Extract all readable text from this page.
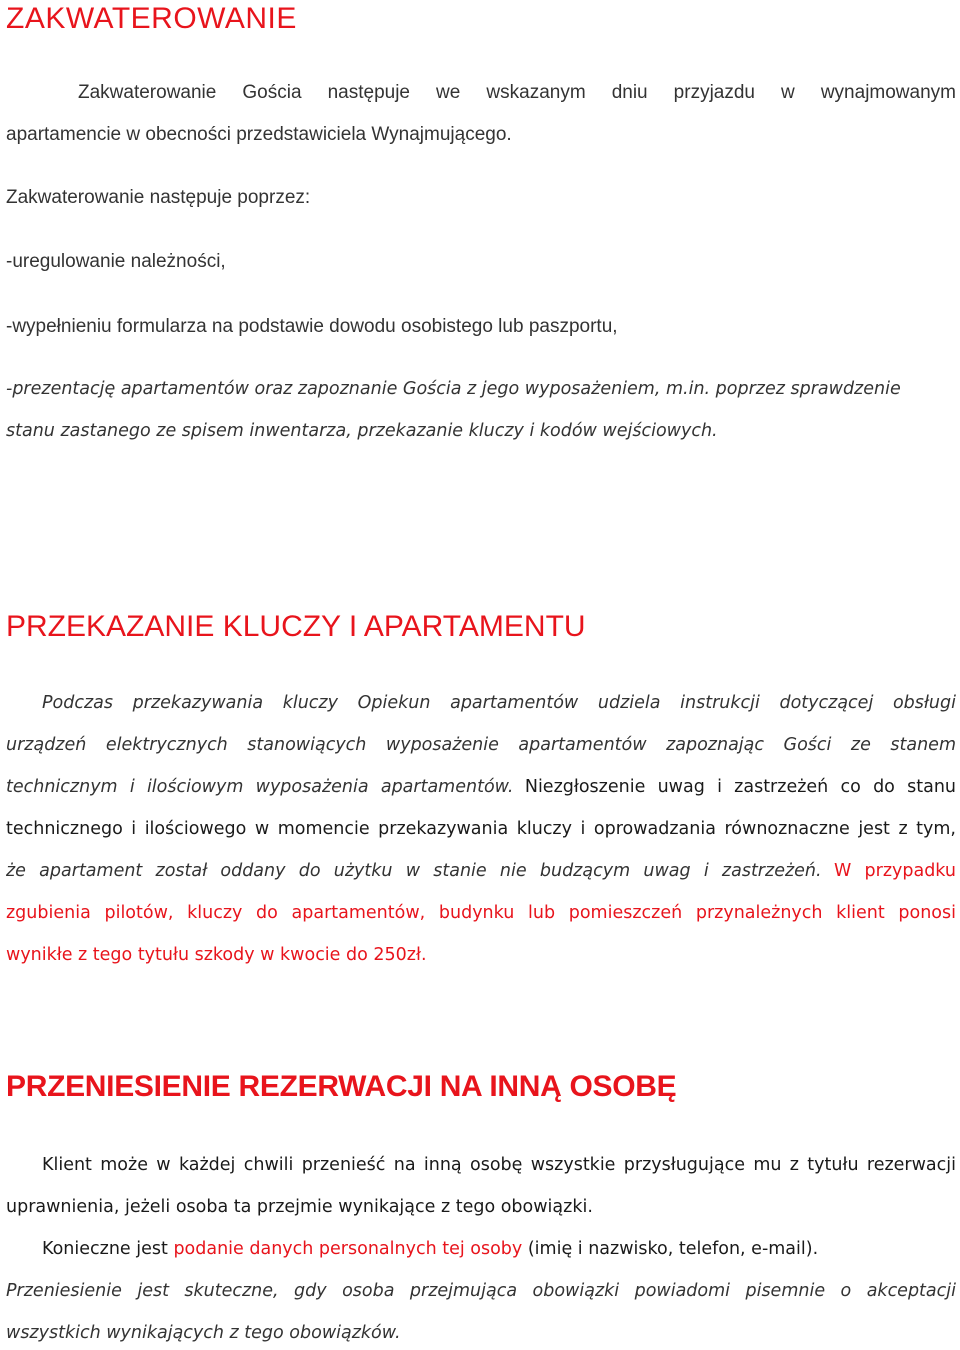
ZAKWATEROWANIE

Zakwaterowanie Gościa następuje we wskazanym dniu przyjazdu w wynajmowanym

apartamencie w obecności przedstawiciela Wynajmującego.

Zakwaterowanie następuje poprzez:

-uregulowanie należności,

-wypełnieniu formularza na podstawie dowodu osobistego lub paszportu,

-prezentację apartamentów oraz zapoznanie Gościa z jego wyposażeniem, m.in. poprzez sprawdzenie

stanu zastanego ze spisem inwentarza, przekazanie kluczy i kodów wejściowych.

PRZEKAZANIE KLUCZY I APARTAMENTU

Podczas przekazywania kluczy Opiekun apartamentów udziela instrukcji dotyczącej obsługi

urządzeń elektrycznych stanowiących wyposażenie apartamentów zapoznając Gości ze stanem

technicznym i ilościowym wyposażenia apartamentów. Niezgłoszenie uwag i zastrzeżeń co do stanu

technicznego i ilościowego w momencie przekazywania kluczy i oprowadzania równoznaczne jest z tym,

że apartament został oddany do użytku w stanie nie budzącym uwag i zastrzeżeń. W przypadku

zgubienia pilotów, kluczy do apartamentów, budynku lub pomieszczeń przynależnych klient ponosi

wynikłe z tego tytułu szkody w kwocie do 250zł.

PRZENIESIENIE REZERWACJI NA INNĄ OSOBĘ

Klient może w każdej chwili przenieść na inną osobę wszystkie przysługujące mu z tytułu rezerwacji

uprawnienia, jeżeli osoba ta przejmie wynikające z tego obowiązki.

Konieczne jest podanie danych personalnych tej osoby (imię i nazwisko, telefon, e-mail).

Przeniesienie jest skuteczne, gdy osoba przejmująca obowiązki powiadomi pisemnie o akceptacji

wszystkich wynikających z tego obowiązków.
